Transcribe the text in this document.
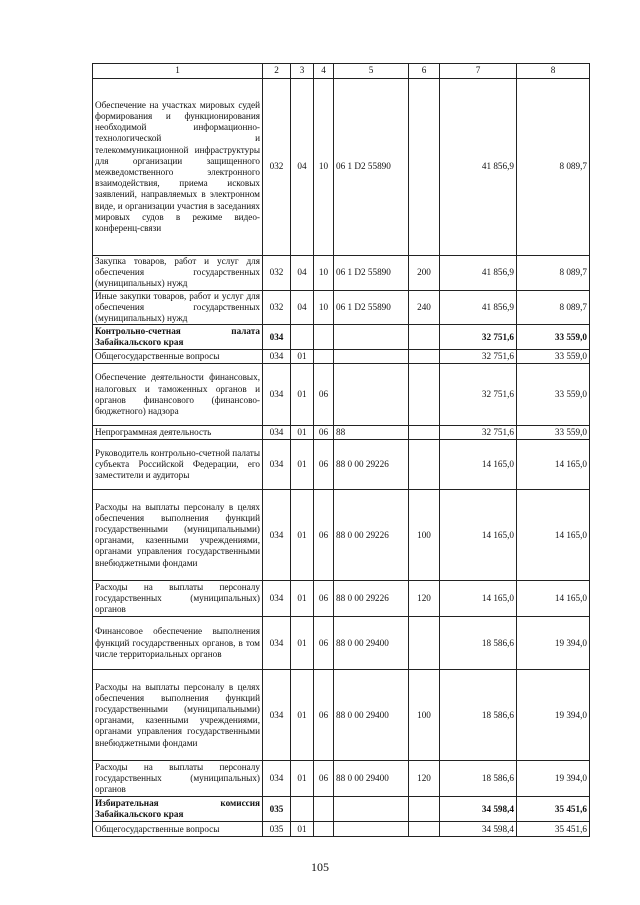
1	2	3	4	5	6	7	8
Обеспечение на участках мировых судей формирования и функционирования необходимой информационно-технологической и телекоммуникационной инфраструктуры для организации защищенного межведомственного электронного взаимодействия, приема исковых заявлений, направляемых в электронном виде, и организации участия в заседаниях мировых судов в режиме видео-конференц-связи	032	04	10	06 1 D2 55890		41 856,9	8 089,7
Закупка товаров, работ и услуг для обеспечения государственных (муниципальных) нужд	032	04	10	06 1 D2 55890	200	41 856,9	8 089,7
Иные закупки товаров, работ и услуг для обеспечения государственных (муниципальных) нужд	032	04	10	06 1 D2 55890	240	41 856,9	8 089,7
Контрольно-счетная палата Забайкальского края	034					32 751,6	33 559,0
Общегосударственные вопросы	034	01				32 751,6	33 559,0
Обеспечение деятельности финансовых, налоговых и таможенных органов и органов финансового (финансово-бюджетного) надзора	034	01	06			32 751,6	33 559,0
Непрограммная деятельность	034	01	06	88		32 751,6	33 559,0
Руководитель контрольно-счетной палаты субъекта Российской Федерации, его заместители и аудиторы	034	01	06	88 0 00 29226		14 165,0	14 165,0
Расходы на выплаты персоналу в целях обеспечения выполнения функций государственными (муниципальными) органами, казенными учреждениями, органами управления государственными внебюджетными фондами	034	01	06	88 0 00 29226	100	14 165,0	14 165,0
Расходы на выплаты персоналу государственных (муниципальных) органов	034	01	06	88 0 00 29226	120	14 165,0	14 165,0
Финансовое обеспечение выполнения функций государственных органов, в том числе территориальных органов	034	01	06	88 0 00 29400		18 586,6	19 394,0
Расходы на выплаты персоналу в целях обеспечения выполнения функций государственными (муниципальными) органами, казенными учреждениями, органами управления государственными внебюджетными фондами	034	01	06	88 0 00 29400	100	18 586,6	19 394,0
Расходы на выплаты персоналу государственных (муниципальных) органов	034	01	06	88 0 00 29400	120	18 586,6	19 394,0
Избирательная комиссия Забайкальского края	035					34 598,4	35 451,6
Общегосударственные вопросы	035	01				34 598,4	35 451,6
105
